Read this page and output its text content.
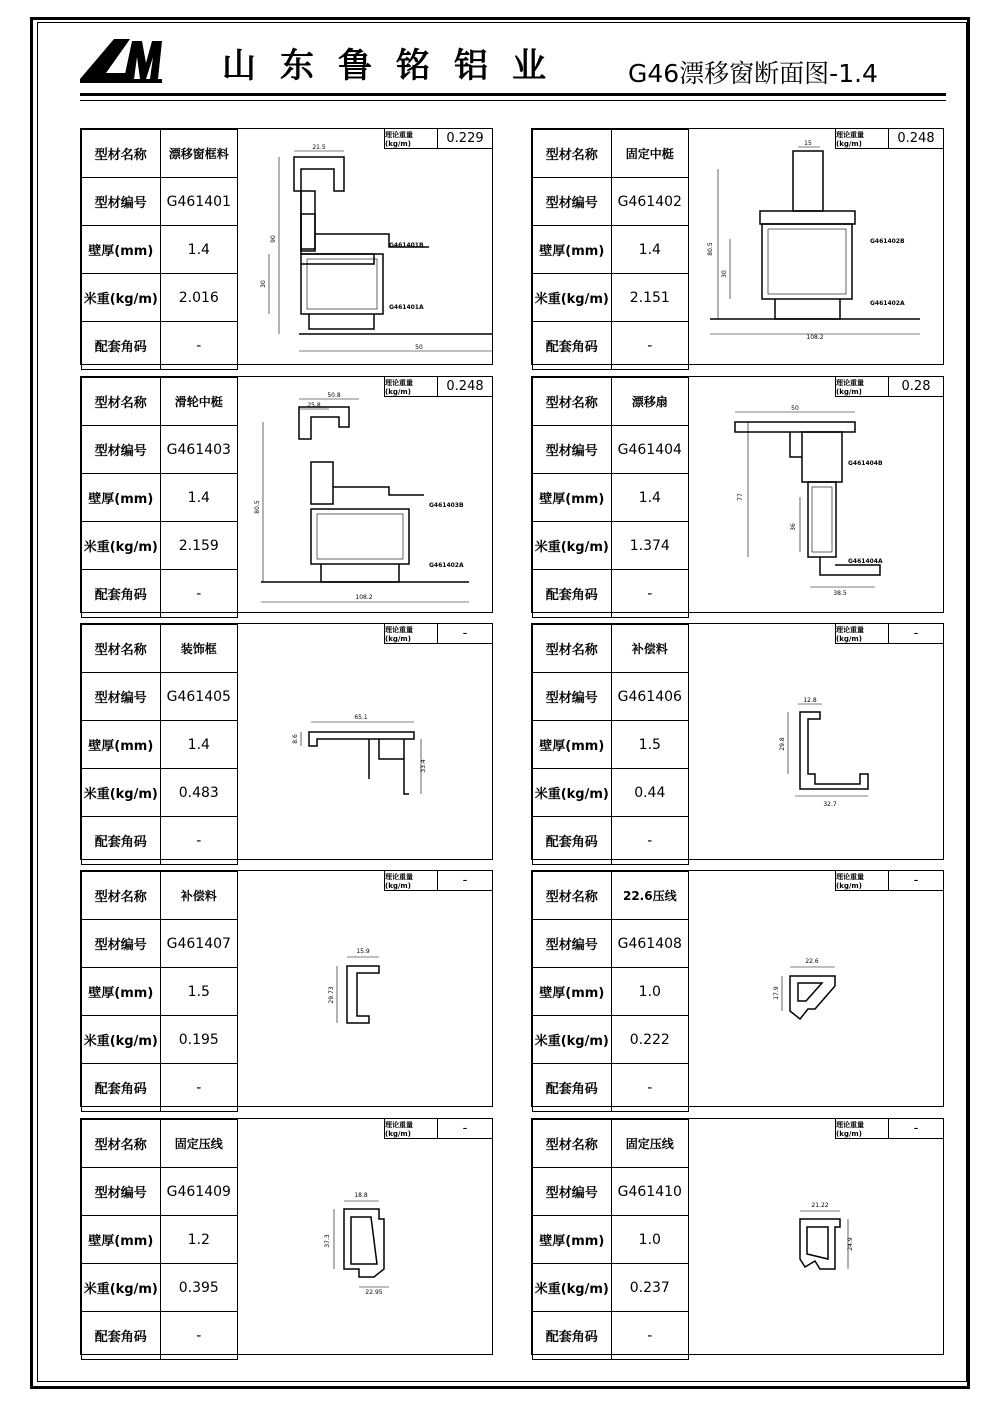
山东鲁铭铝业 G46漂移窗断面图-1.4
型材名称	漂移窗框料
型材编号	G461401
壁厚(mm)	1.4
米重(kg/m)	2.016
配套角码	-
理论重量(kg/m)	0.229
21.5
90
30
50
G461401B
G461401A
型材名称	固定中梃
型材编号	G461402
壁厚(mm)	1.4
米重(kg/m)	2.151
配套角码	-
理论重量(kg/m)	0.248
15
80.5
30
108.2
G461402B
G461402A
型材名称	滑轮中梃
型材编号	G461403
壁厚(mm)	1.4
米重(kg/m)	2.159
配套角码	-
理论重量(kg/m)	0.248
50.8
25.8
80.5
108.2
G461403B
G461402A
型材名称	漂移扇
型材编号	G461404
壁厚(mm)	1.4
米重(kg/m)	1.374
配套角码	-
理论重量(kg/m)	0.28
50
77
36
38.5
G461404B
G461404A
型材名称	装饰框
型材编号	G461405
壁厚(mm)	1.4
米重(kg/m)	0.483
配套角码	-
理论重量(kg/m)	-
65.1
8.6
33.4
型材名称	补偿料
型材编号	G461406
壁厚(mm)	1.5
米重(kg/m)	0.44
配套角码	-
理论重量(kg/m)	-
12.8
29.8
32.7
型材名称	补偿料
型材编号	G461407
壁厚(mm)	1.5
米重(kg/m)	0.195
配套角码	-
理论重量(kg/m)	-
15.9
29.73
型材名称	22.6压线
型材编号	G461408
壁厚(mm)	1.0
米重(kg/m)	0.222
配套角码	-
理论重量(kg/m)	-
22.6
17.9
型材名称	固定压线
型材编号	G461409
壁厚(mm)	1.2
米重(kg/m)	0.395
配套角码	-
理论重量(kg/m)	-
18.8
37.3
22.95
型材名称	固定压线
型材编号	G461410
壁厚(mm)	1.0
米重(kg/m)	0.237
配套角码	-
理论重量(kg/m)	-
21.22
24.9
